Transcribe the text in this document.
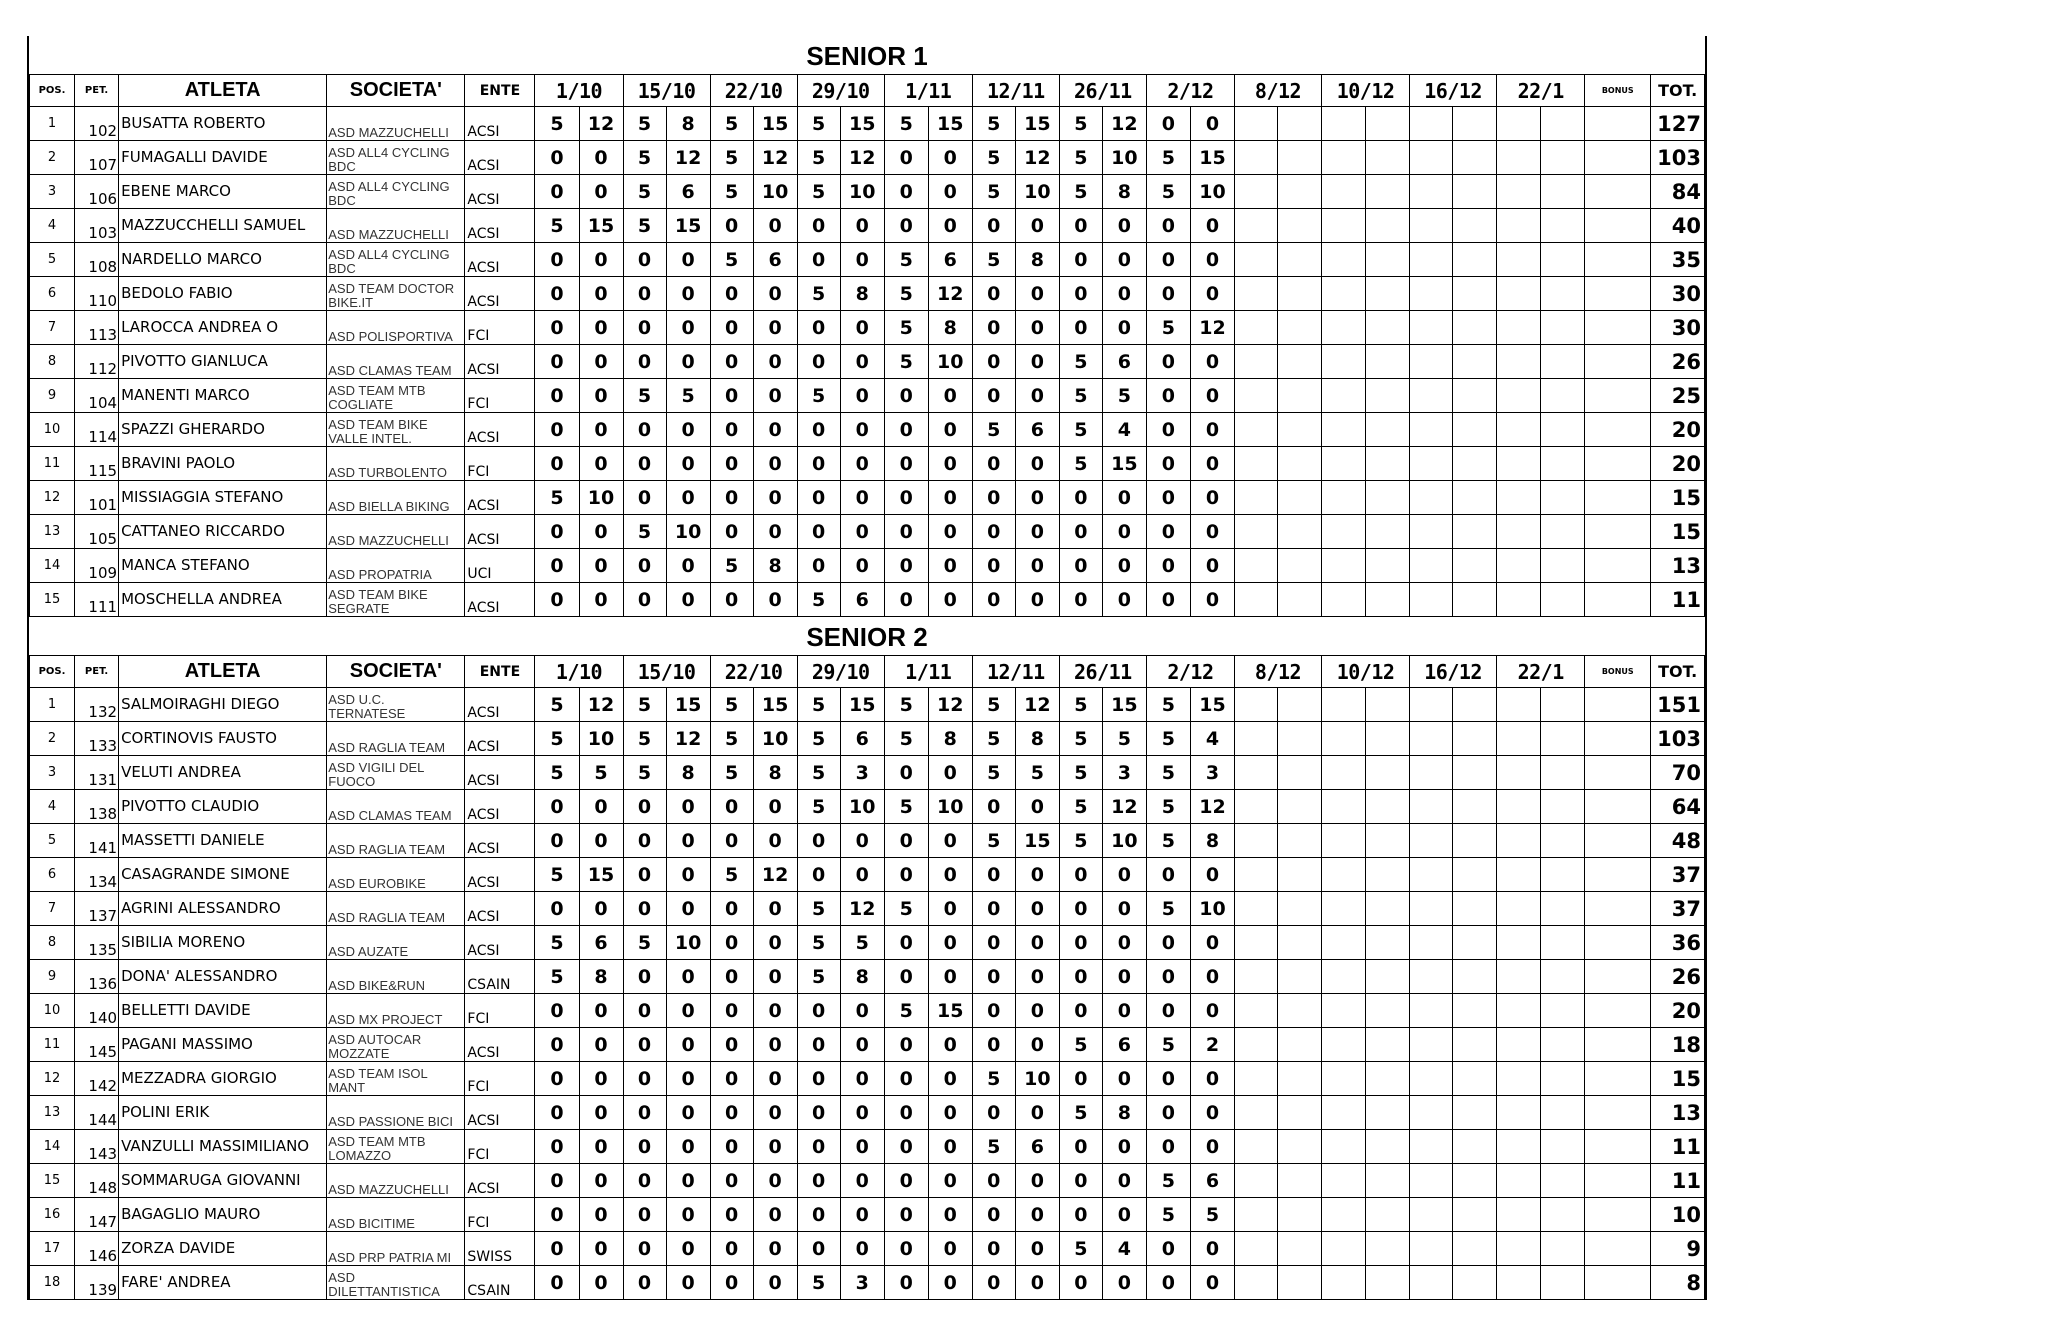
SENIOR 1																														
POS.	PET.	ATLETA	SOCIETA'	ENTE	1/10		15/10		22/10		29/10		1/11		12/11		26/11		2/12		8/12		10/12		16/12		22/1		BONUS	TOT.
1	102	BUSATTA ROBERTO	ASD MAZZUCHELLI	ACSI	5	12	5	8	5	15	5	15	5	15	5	15	5	12	0	0										127
2	107	FUMAGALLI DAVIDE	ASD ALL4 CYCLING BDC	ACSI	0	0	5	12	5	12	5	12	0	0	5	12	5	10	5	15										103
3	106	EBENE MARCO	ASD ALL4 CYCLING BDC	ACSI	0	0	5	6	5	10	5	10	0	0	5	10	5	8	5	10										84
4	103	MAZZUCCHELLI SAMUEL	ASD MAZZUCHELLI	ACSI	5	15	5	15	0	0	0	0	0	0	0	0	0	0	0	0										40
5	108	NARDELLO MARCO	ASD ALL4 CYCLING BDC	ACSI	0	0	0	0	5	6	0	0	5	6	5	8	0	0	0	0										35
6	110	BEDOLO FABIO	ASD TEAM DOCTOR BIKE.IT	ACSI	0	0	0	0	0	0	5	8	5	12	0	0	0	0	0	0										30
7	113	LAROCCA ANDREA O	ASD POLISPORTIVA	FCI	0	0	0	0	0	0	0	0	5	8	0	0	0	0	5	12										30
8	112	PIVOTTO GIANLUCA	ASD CLAMAS TEAM	ACSI	0	0	0	0	0	0	0	0	5	10	0	0	5	6	0	0										26
9	104	MANENTI MARCO	ASD TEAM MTB COGLIATE	FCI	0	0	5	5	0	0	5	0	0	0	0	0	5	5	0	0										25
10	114	SPAZZI GHERARDO	ASD TEAM BIKE VALLE INTEL.	ACSI	0	0	0	0	0	0	0	0	0	0	5	6	5	4	0	0										20
11	115	BRAVINI PAOLO	ASD TURBOLENTO	FCI	0	0	0	0	0	0	0	0	0	0	0	0	5	15	0	0										20
12	101	MISSIAGGIA STEFANO	ASD BIELLA BIKING	ACSI	5	10	0	0	0	0	0	0	0	0	0	0	0	0	0	0										15
13	105	CATTANEO RICCARDO	ASD MAZZUCHELLI	ACSI	0	0	5	10	0	0	0	0	0	0	0	0	0	0	0	0										15
14	109	MANCA STEFANO	ASD PROPATRIA	UCI	0	0	0	0	5	8	0	0	0	0	0	0	0	0	0	0										13
15	111	MOSCHELLA ANDREA	ASD TEAM BIKE SEGRATE	ACSI	0	0	0	0	0	0	5	6	0	0	0	0	0	0	0	0										11
SENIOR 2																														
POS.	PET.	ATLETA	SOCIETA'	ENTE	1/10		15/10		22/10		29/10		1/11		12/11		26/11		2/12		8/12		10/12		16/12		22/1		BONUS	TOT.
1	132	SALMOIRAGHI DIEGO	ASD U.C. TERNATESE	ACSI	5	12	5	15	5	15	5	15	5	12	5	12	5	15	5	15										151
2	133	CORTINOVIS FAUSTO	ASD RAGLIA TEAM	ACSI	5	10	5	12	5	10	5	6	5	8	5	8	5	5	5	4										103
3	131	VELUTI ANDREA	ASD VIGILI DEL FUOCO	ACSI	5	5	5	8	5	8	5	3	0	0	5	5	5	3	5	3										70
4	138	PIVOTTO CLAUDIO	ASD CLAMAS TEAM	ACSI	0	0	0	0	0	0	5	10	5	10	0	0	5	12	5	12										64
5	141	MASSETTI DANIELE	ASD RAGLIA TEAM	ACSI	0	0	0	0	0	0	0	0	0	0	5	15	5	10	5	8										48
6	134	CASAGRANDE SIMONE	ASD EUROBIKE	ACSI	5	15	0	0	5	12	0	0	0	0	0	0	0	0	0	0										37
7	137	AGRINI ALESSANDRO	ASD RAGLIA TEAM	ACSI	0	0	0	0	0	0	5	12	5	0	0	0	0	0	5	10										37
8	135	SIBILIA MORENO	ASD AUZATE	ACSI	5	6	5	10	0	0	5	5	0	0	0	0	0	0	0	0										36
9	136	DONA' ALESSANDRO	ASD BIKE&RUN	CSAIN	5	8	0	0	0	0	5	8	0	0	0	0	0	0	0	0										26
10	140	BELLETTI DAVIDE	ASD MX PROJECT	FCI	0	0	0	0	0	0	0	0	5	15	0	0	0	0	0	0										20
11	145	PAGANI MASSIMO	ASD AUTOCAR MOZZATE	ACSI	0	0	0	0	0	0	0	0	0	0	0	0	5	6	5	2										18
12	142	MEZZADRA GIORGIO	ASD TEAM ISOL MANT	FCI	0	0	0	0	0	0	0	0	0	0	5	10	0	0	0	0										15
13	144	POLINI ERIK	ASD PASSIONE BICI	ACSI	0	0	0	0	0	0	0	0	0	0	0	0	5	8	0	0										13
14	143	VANZULLI MASSIMILIANO	ASD TEAM MTB LOMAZZO	FCI	0	0	0	0	0	0	0	0	0	0	5	6	0	0	0	0										11
15	148	SOMMARUGA GIOVANNI	ASD MAZZUCHELLI	ACSI	0	0	0	0	0	0	0	0	0	0	0	0	0	0	5	6										11
16	147	BAGAGLIO MAURO	ASD BICITIME	FCI	0	0	0	0	0	0	0	0	0	0	0	0	0	0	5	5										10
17	146	ZORZA DAVIDE	ASD PRP PATRIA MI	SWISS	0	0	0	0	0	0	0	0	0	0	0	0	5	4	0	0										9
18	139	FARE' ANDREA	ASD DILETTANTISTICA	CSAIN	0	0	0	0	0	0	5	3	0	0	0	0	0	0	0	0										8
